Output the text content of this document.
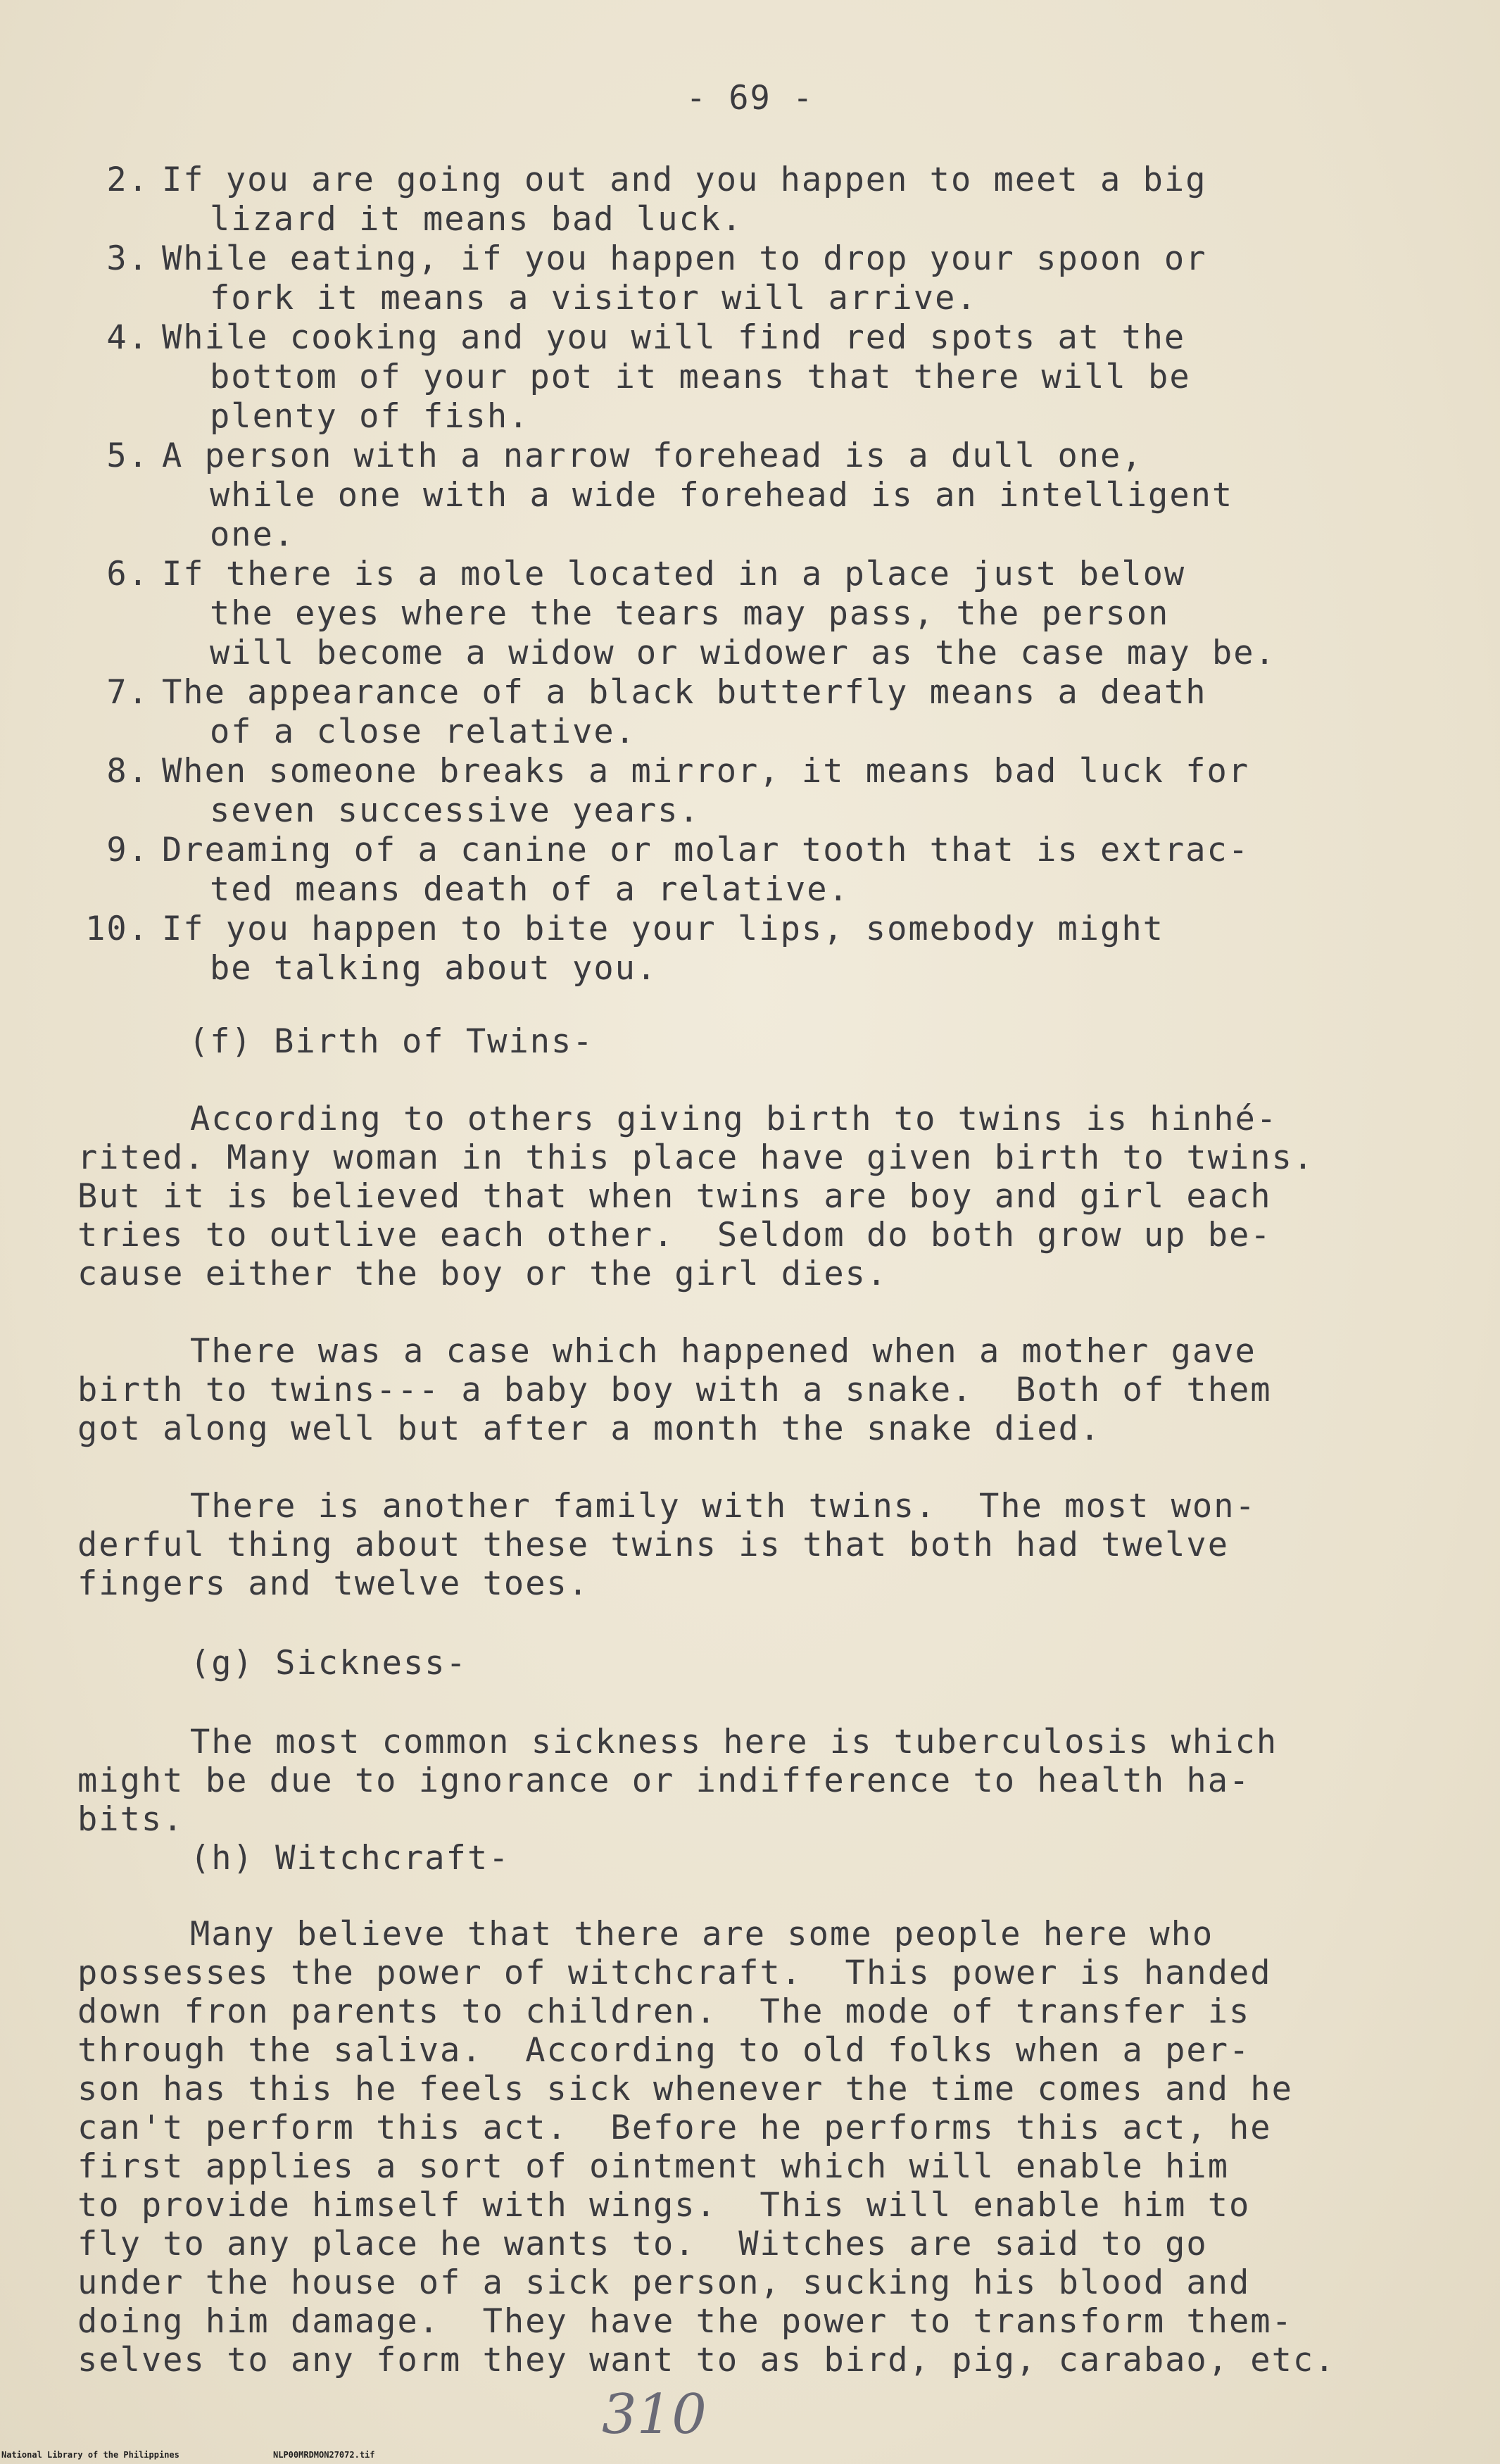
- 69 -
2. If you are going out and you happen to meet a big
lizard it means bad luck.
3. While eating, if you happen to drop your spoon or
fork it means a visitor will arrive.
4. While cooking and you will find red spots at the
bottom of your pot it means that there will be
plenty of fish.
5. A person with a narrow forehead is a dull one,
while one with a wide forehead is an intelligent
one.
6. If there is a mole located in a place just below
the eyes where the tears may pass, the person
will become a widow or widower as the case may be.
7. The appearance of a black butterfly means a death
of a close relative.
8. When someone breaks a mirror, it means bad luck for
seven successive years.
9. Dreaming of a canine or molar tooth that is extrac-
ted means death of a relative.
10. If you happen to bite your lips, somebody might
be talking about you.
(f) Birth of Twins-
According to others giving birth to twins is hinhé-
rited. Many woman in this place have given birth to twins.
But it is believed that when twins are boy and girl each
tries to outlive each other.  Seldom do both grow up be-
cause either the boy or the girl dies.
There was a case which happened when a mother gave
birth to twins--- a baby boy with a snake.  Both of them
got along well but after a month the snake died.
There is another family with twins.  The most won-
derful thing about these twins is that both had twelve
fingers and twelve toes.
(g) Sickness-
The most common sickness here is tuberculosis which
might be due to ignorance or indifference to health ha-
bits.
(h) Witchcraft-
Many believe that there are some people here who
possesses the power of witchcraft.  This power is handed
down fron parents to children.  The mode of transfer is
through the saliva.  According to old folks when a per-
son has this he feels sick whenever the time comes and he
can't perform this act.  Before he performs this act, he
first applies a sort of ointment which will enable him
to provide himself with wings.  This will enable him to
fly to any place he wants to.  Witches are said to go
under the house of a sick person, sucking his blood and
doing him damage.  They have the power to transform them-
selves to any form they want to as bird, pig, carabao, etc.
310
National Library of the Philippines	NLP00MRDMON27072.tif
